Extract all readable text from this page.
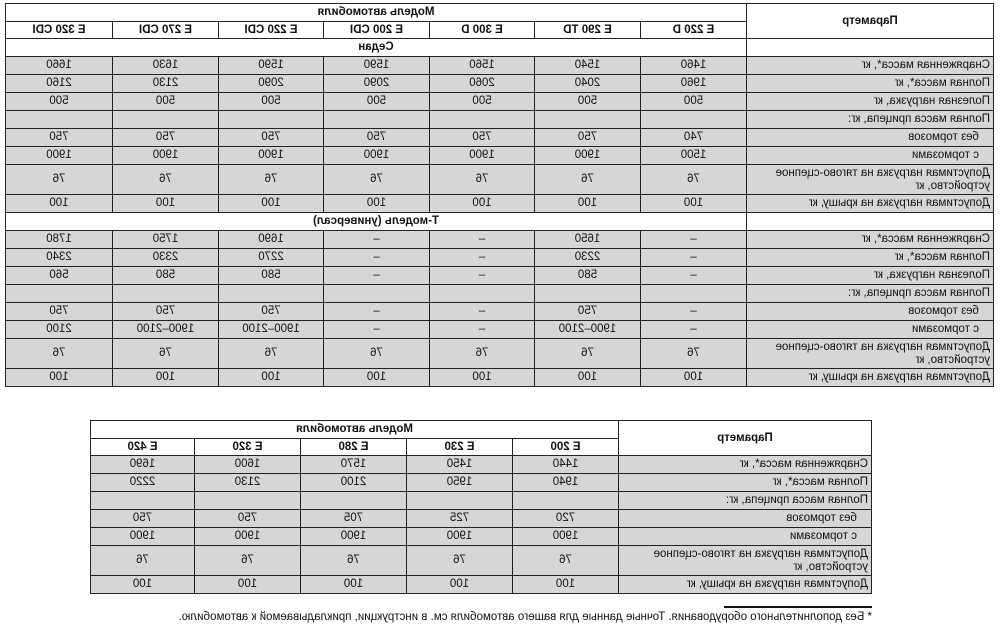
Параметр	Модель автомобиля						
	E 220 D	E 290 TD	E 300 D	E 200 CDI	E 220 CDI	E 270 CDI	E 320 CDI
	Седан						
Снаряженная масса*, кг	1460	1540	1560	1590	1590	1630	1660
Полная масса*, кг	1960	2040	2060	2090	2090	2130	2160
Полезная нагрузка, кг	500	500	500	500	500	500	500
Полная масса прицепа, кг:							
без тормозов	740	750	750	750	750	750	750
с тормозами	1500	1900	1900	1900	1900	1900	1900
Допустимая нагрузка на тягово-сцепное устройство, кг	76	76	76	76	76	76	76
Допустимая нагрузка на крышу, кг	100	100	100	100	100	100	100
	Т-модель (универсал)						
Снаряженная масса*, кг	–	1650	–	–	1690	1750	1780
Полная масса*, кг	–	2230	–	–	2270	2330	2340
Полезная нагрузка, кг	–	580	–	–	580	580	560
Полная масса прицепа, кг:							
без тормозов	–	750	–	–	750	750	750
с тормозами	–	1900–2100	–	–	1900–2100	1900–2100	2100
Допустимая нагрузка на тягово-сцепное устройство, кг	76	76	76	76	76	76	76
Допустимая нагрузка на крышу, кг	100	100	100	100	100	100	100
Параметр	Модель автомобиля				
	E 200	E 230	E 280	E 320	E 420
Снаряженная масса*, кг	1440	1450	1570	1600	1690
Полная масса*, кг	1940	1950	2100	2130	2220
Полная масса прицепа, кг:					
без тормозов	720	725	705	750	750
с тормозами	1900	1900	1900	1900	1900
Допустимая нагрузка на тягово-сцепное устройство, кг	76	76	76	76	76
Допустимая нагрузка на крышу, кг	100	100	100	100	100
* Без дополнительного оборудования. Точные данные для вашего автомобиля см. в инструкции, прикладываемой к автомобилю.
